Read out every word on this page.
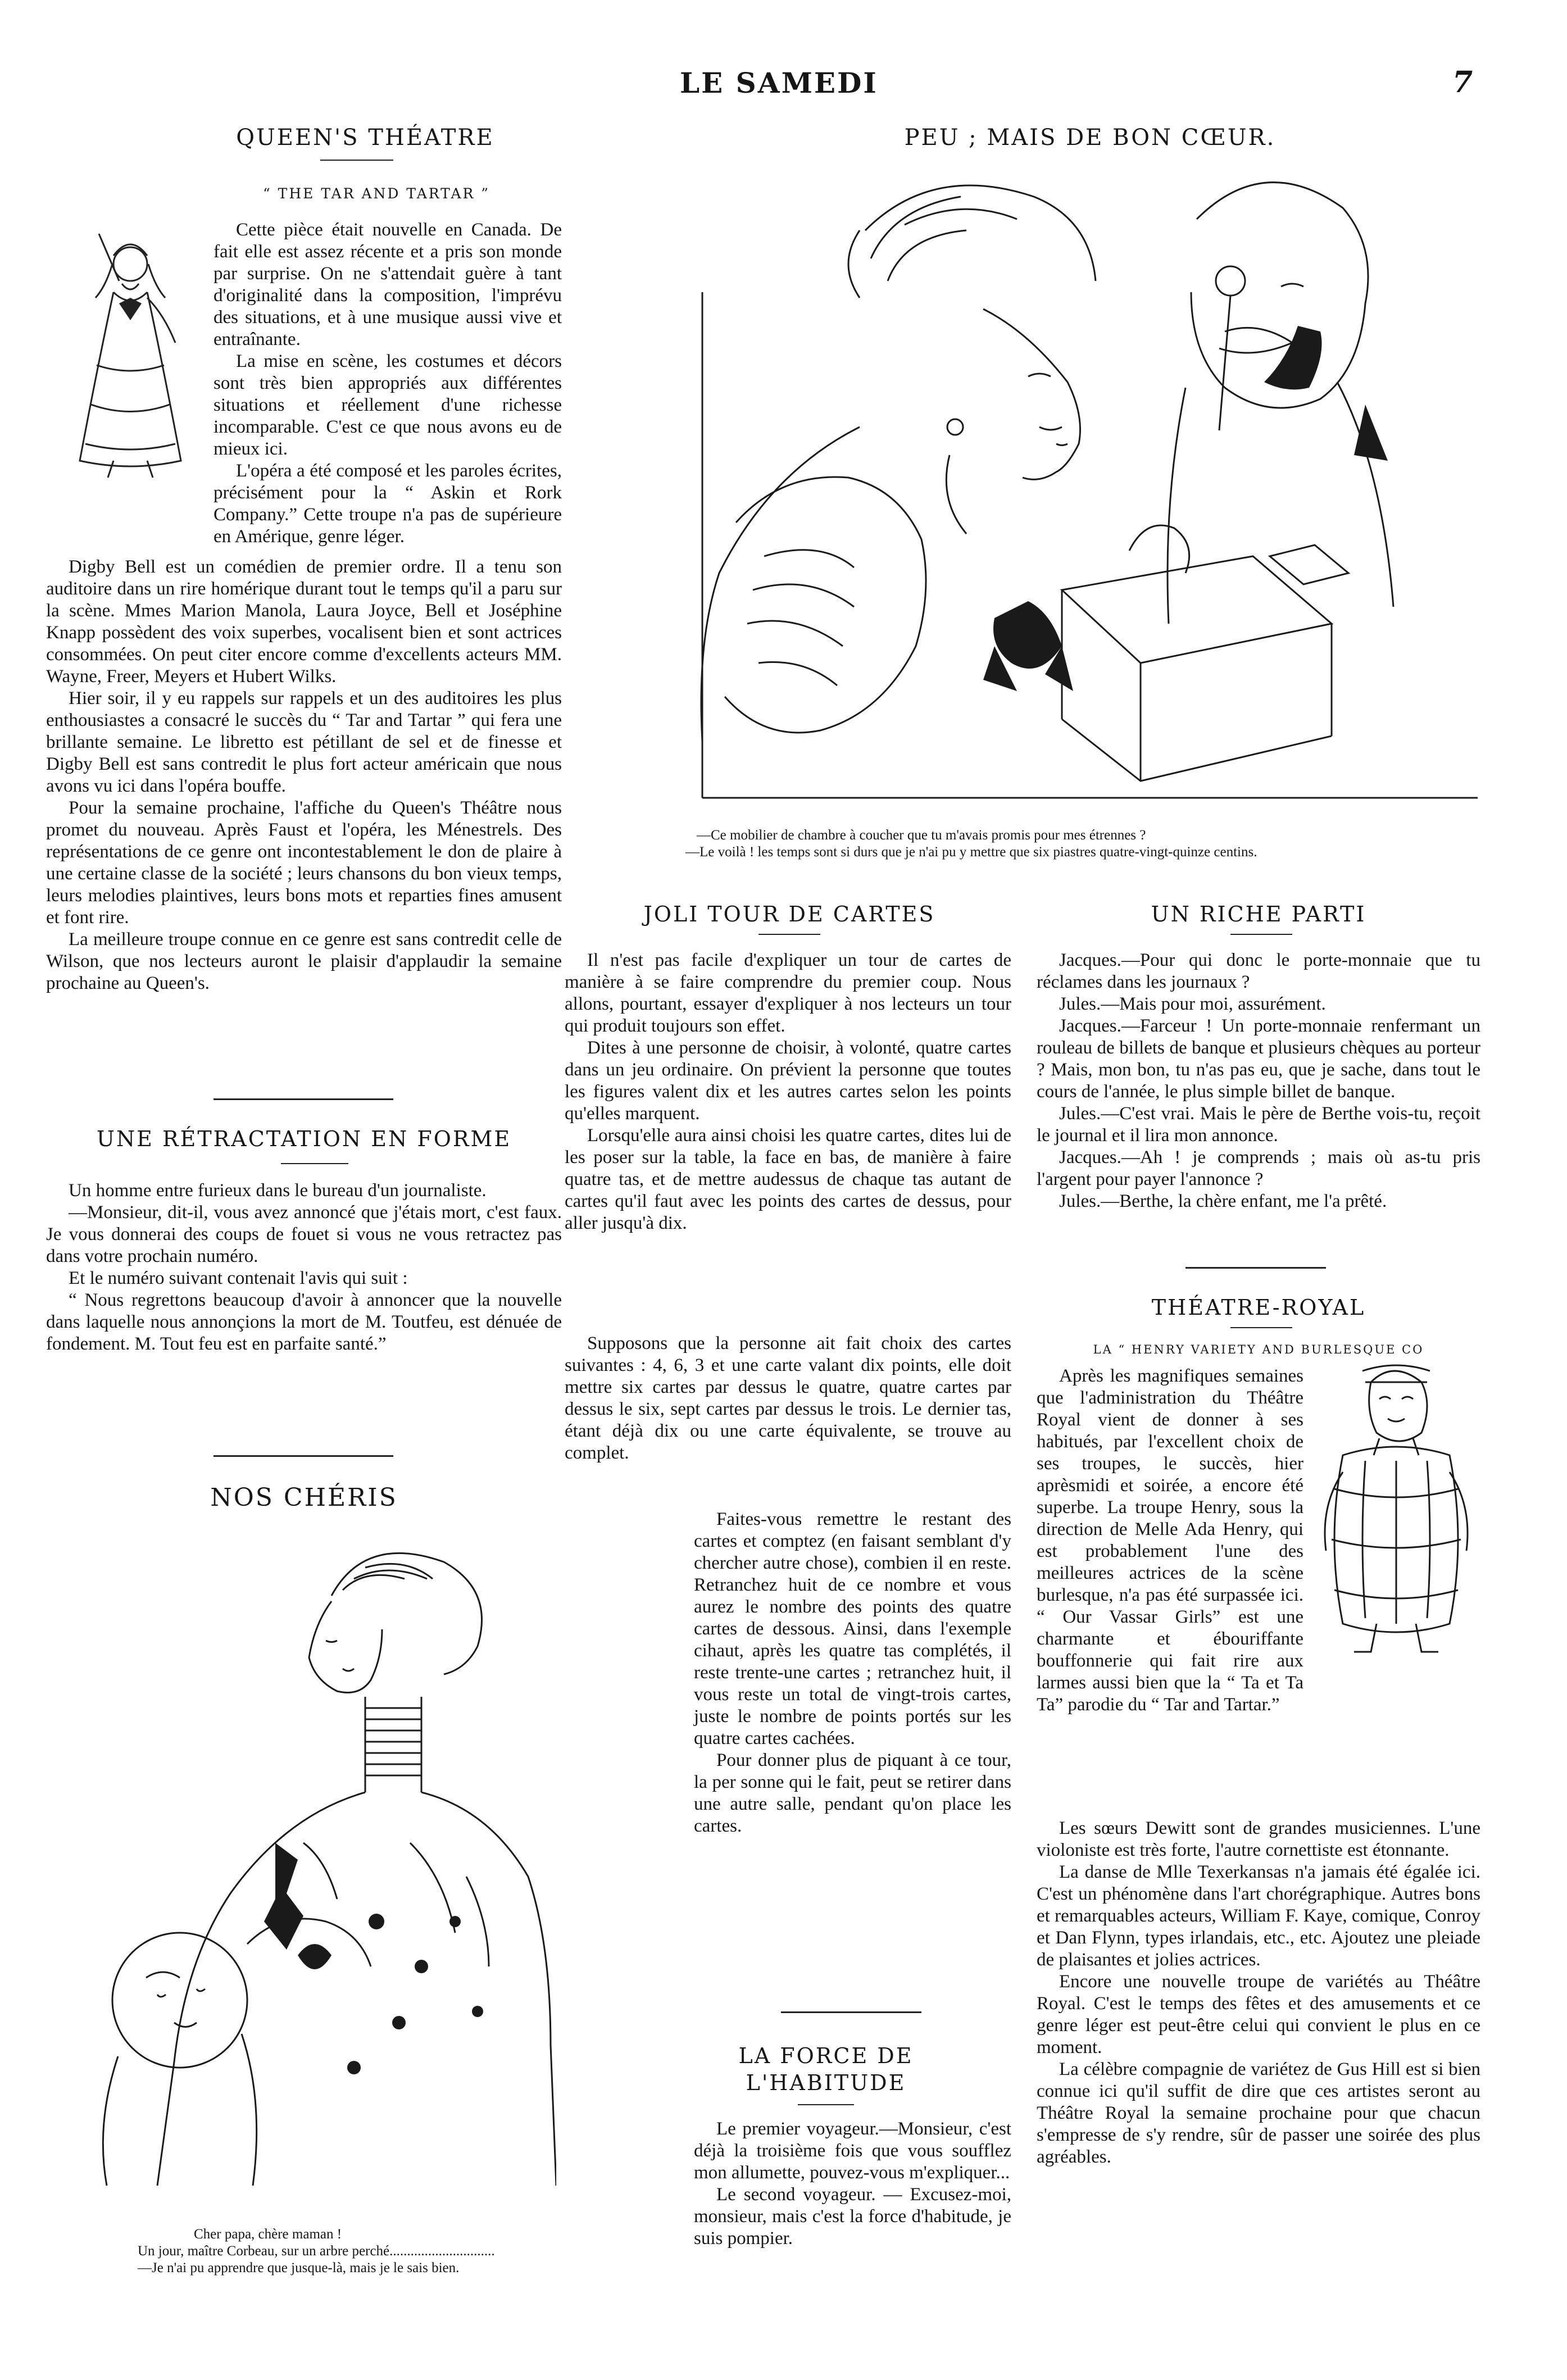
LE SAMEDI	7
QUEEN'S THÉATRE
“ THE TAR AND TARTAR ”

Cette pièce était nouvelle en Canada. De fait elle est assez récente et a pris son monde par surprise. On ne s'attendait guère à tant d'originalité dans la composition, l'imprévu des situations, et à une musique aussi vive et entraînante.

La mise en scène, les costumes et décors sont très bien appropriés aux différentes situations et réellement d'une richesse incomparable. C'est ce que nous avons eu de mieux ici.

L'opéra a été composé et les paroles écrites, précisément pour la “ Askin et Rork Company.” Cette troupe n'a pas de supérieure en Amérique, genre léger.

Digby Bell est un comédien de premier ordre. Il a tenu son auditoire dans un rire homérique durant tout le temps qu'il a paru sur la scène. Mmes Marion Manola, Laura Joyce, Bell et Joséphine Knapp possèdent des voix superbes, vocalisent bien et sont actrices consommées. On peut citer encore comme d'excellents acteurs MM. Wayne, Freer, Meyers et Hubert Wilks.

Hier soir, il y eu rappels sur rappels et un des auditoires les plus enthousiastes a consacré le succès du “ Tar and Tartar ” qui fera une brillante semaine. Le libretto est pétillant de sel et de finesse et Digby Bell est sans contredit le plus fort acteur américain que nous avons vu ici dans l'opéra bouffe.

Pour la semaine prochaine, l'affiche du Queen's Théâtre nous promet du nouveau. Après Faust et l'opéra, les Ménestrels. Des représentations de ce genre ont incontestablement le don de plaire à une certaine classe de la société ; leurs chansons du bon vieux temps, leurs melodies plaintives, leurs bons mots et reparties fines amusent et font rire.

La meilleure troupe connue en ce genre est sans contredit celle de Wilson, que nos lecteurs auront le plaisir d'applaudir la semaine prochaine au Queen's.

UNE RÉTRACTATION EN FORME

Un homme entre furieux dans le bureau d'un journaliste.

—Monsieur, dit-il, vous avez annoncé que j'étais mort, c'est faux. Je vous donnerai des coups de fouet si vous ne vous retractez pas dans votre prochain numéro.

Et le numéro suivant contenait l'avis qui suit :

“ Nous regrettons beaucoup d'avoir à annoncer que la nouvelle dans laquelle nous annonçions la mort de M. Toutfeu, est dénuée de fondement. M. Tout feu est en parfaite santé.”

NOS CHÉRIS
Cher papa, chère maman !
Un jour, maître Corbeau, sur un arbre perché..............................
—Je n'ai pu apprendre que jusque-là, mais je le sais bien.
PEU ; MAIS DE BON CŒUR.
—Ce mobilier de chambre à coucher que tu m'avais promis pour mes étrennes ?
—Le voilà ! les temps sont si durs que je n'ai pu y mettre que six piastres quatre-vingt-quinze centins.
JOLI TOUR DE CARTES

Il n'est pas facile d'expliquer un tour de cartes de manière à se faire comprendre du premier coup. Nous allons, pourtant, essayer d'expliquer à nos lecteurs un tour qui produit toujours son effet.

Dites à une personne de choisir, à volonté, quatre cartes dans un jeu ordinaire. On prévient la personne que toutes les figures valent dix et les autres cartes selon les points qu'elles marquent.

Lorsqu'elle aura ainsi choisi les quatre cartes, dites lui de les poser sur la table, la face en bas, de manière à faire quatre tas, et de mettre audessus de chaque tas autant de cartes qu'il faut avec les points des cartes de dessus, pour aller jusqu'à dix.

Supposons que la personne ait fait choix des cartes suivantes : 4, 6, 3 et une carte valant dix points, elle doit mettre six cartes par dessus le quatre, quatre cartes par dessus le six, sept cartes par dessus le trois. Le dernier tas, étant déjà dix ou une carte équivalente, se trouve au complet.

Faites-vous remettre le restant des cartes et comptez (en faisant semblant d'y chercher autre chose), combien il en reste. Retranchez huit de ce nombre et vous aurez le nombre des points des quatre cartes de dessous. Ainsi, dans l'exemple cihaut, après les quatre tas complétés, il reste trente-une cartes ; retranchez huit, il vous reste un total de vingt-trois cartes, juste le nombre de points portés sur les quatre cartes cachées.

Pour donner plus de piquant à ce tour, la per sonne qui le fait, peut se retirer dans une autre salle, pendant qu'on place les cartes.

LA FORCE DE L'HABITUDE

Le premier voyageur.—Monsieur, c'est déjà la troisième fois que vous soufflez mon allumette, pouvez-vous m'expliquer...

Le second voyageur. — Excusez-moi, monsieur, mais c'est la force d'habitude, je suis pompier.

UN RICHE PARTI

Jacques.—Pour qui donc le porte-monnaie que tu réclames dans les journaux ?

Jules.—Mais pour moi, assurément.

Jacques.—Farceur ! Un porte-monnaie renfermant un rouleau de billets de banque et plusieurs chèques au porteur ? Mais, mon bon, tu n'as pas eu, que je sache, dans tout le cours de l'année, le plus simple billet de banque.

Jules.—C'est vrai. Mais le père de Berthe vois-tu, reçoit le journal et il lira mon annonce.

Jacques.—Ah ! je comprends ; mais où as-tu pris l'argent pour payer l'annonce ?

Jules.—Berthe, la chère enfant, me l'a prêté.

THÉATRE-ROYAL
LA “ HENRY VARIETY AND BURLESQUE CO

Après les magnifiques semaines que l'administration du Théâtre Royal vient de donner à ses habitués, par l'excellent choix de ses troupes, le succès, hier aprèsmidi et soirée, a encore été superbe. La troupe Henry, sous la direction de Melle Ada Henry, qui est probablement l'une des meilleures actrices de la scène burlesque, n'a pas été surpassée ici. “ Our Vassar Girls” est une charmante et ébouriffante bouffonnerie qui fait rire aux larmes aussi bien que la “ Ta et Ta Ta” parodie du “ Tar and Tartar.”

Les sœurs Dewitt sont de grandes musiciennes. L'une violoniste est très forte, l'autre cornettiste est étonnante.

La danse de Mlle Texerkansas n'a jamais été égalée ici. C'est un phénomène dans l'art chorégraphique. Autres bons et remarquables acteurs, William F. Kaye, comique, Conroy et Dan Flynn, types irlandais, etc., etc. Ajoutez une pleiade de plaisantes et jolies actrices.

Encore une nouvelle troupe de variétés au Théâtre Royal. C'est le temps des fêtes et des amusements et ce genre léger est peut-être celui qui convient le plus en ce moment.

La célèbre compagnie de variétez de Gus Hill est si bien connue ici qu'il suffit de dire que ces artistes seront au Théâtre Royal la semaine prochaine pour que chacun s'empresse de s'y rendre, sûr de passer une soirée des plus agréables.
